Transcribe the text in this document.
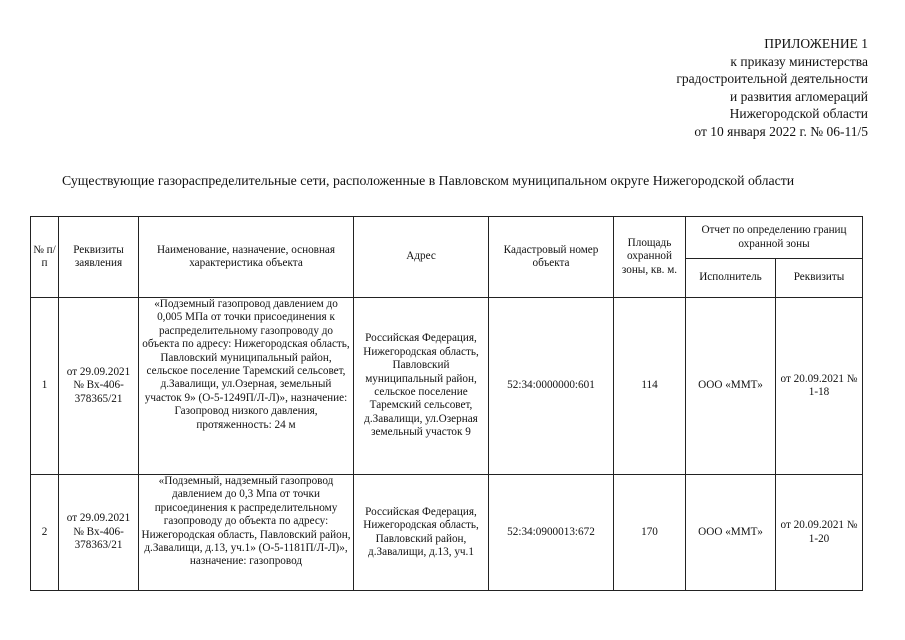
ПРИЛОЖЕНИЕ 1
к приказу министерства
градостроительной деятельности
и развития агломераций
Нижегородской области
от 10 января 2022 г. № 06-11/5
Существующие газораспределительные сети, расположенные в Павловском муниципальном округе Нижегородской области
№ п/п	Реквизиты заявления	Наименование, назначение, основная характеристика объекта	Адрес	Кадастровый номер объекта	Площадь охранной зоны, кв. м.	Отчет по определению границ охранной зоны	
						Исполнитель	Реквизиты
1	от 29.09.2021 № Вх-406-378365/21	«Подземный газопровод давлением до 0,005 МПа от точки присоединения к распределительному газопроводу до объекта по адресу: Нижегородская область, Павловский муниципальный район, сельское поселение Таремский сельсовет, д.Завалищи, ул.Озерная, земельный участок 9» (О-5-1249П/Л-Л)», назначение: Газопровод низкого давления, протяженность: 24 м	Российская Федерация, Нижегородская область, Павловский муниципальный район, сельское поселение Таремский сельсовет, д.Завалищи, ул.Озерная земельный участок 9	52:34:0000000:601	114	ООО «ММТ»	от 20.09.2021 № 1-18
2	от 29.09.2021 № Вх-406-378363/21	«Подземный, надземный газопровод давлением до 0,3 Мпа от точки присоединения к распределительному газопроводу до объекта по адресу: Нижегородская область, Павловский район, д.Завалищи, д.13, уч.1» (О-5-1181П/Л-Л)», назначение: газопровод	Российская Федерация, Нижегородская область, Павловский район, д.Завалищи, д.13, уч.1	52:34:0900013:672	170	ООО «ММТ»	от 20.09.2021 № 1-20
